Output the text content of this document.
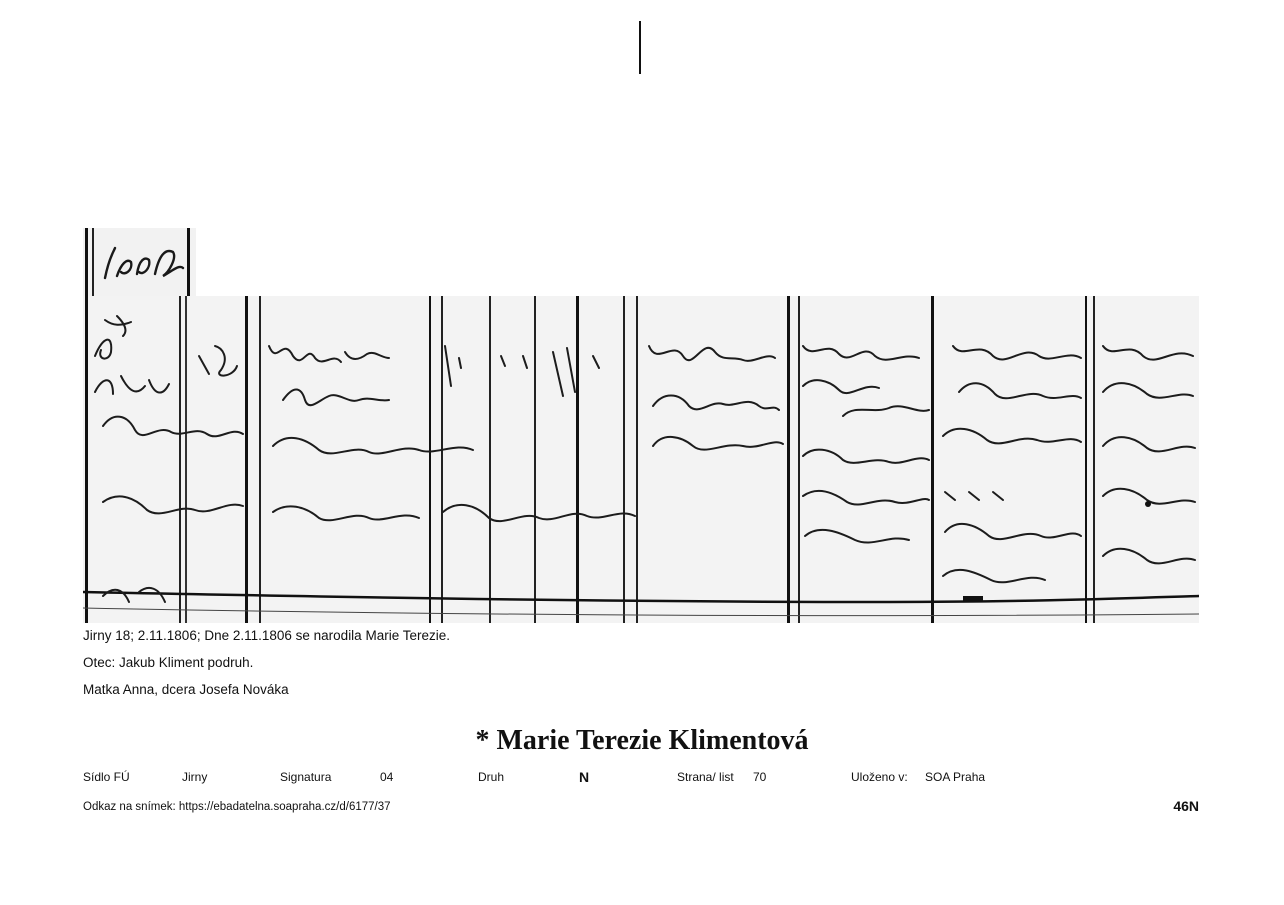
Jirny 18; 2.11.1806; Dne 2.11.1806 se narodila Marie Terezie.
Otec: Jakub Kliment podruh.
Matka Anna, dcera Josefa Nováka
* Marie Terezie Klimentová
Sídlo FÚ	Jirny	Signatura	04	Druh	N	Strana/ list 70	Uloženo v: SOA Praha
Odkaz na snímek: https://ebadatelna.soapraha.cz/d/6177/37	46N
